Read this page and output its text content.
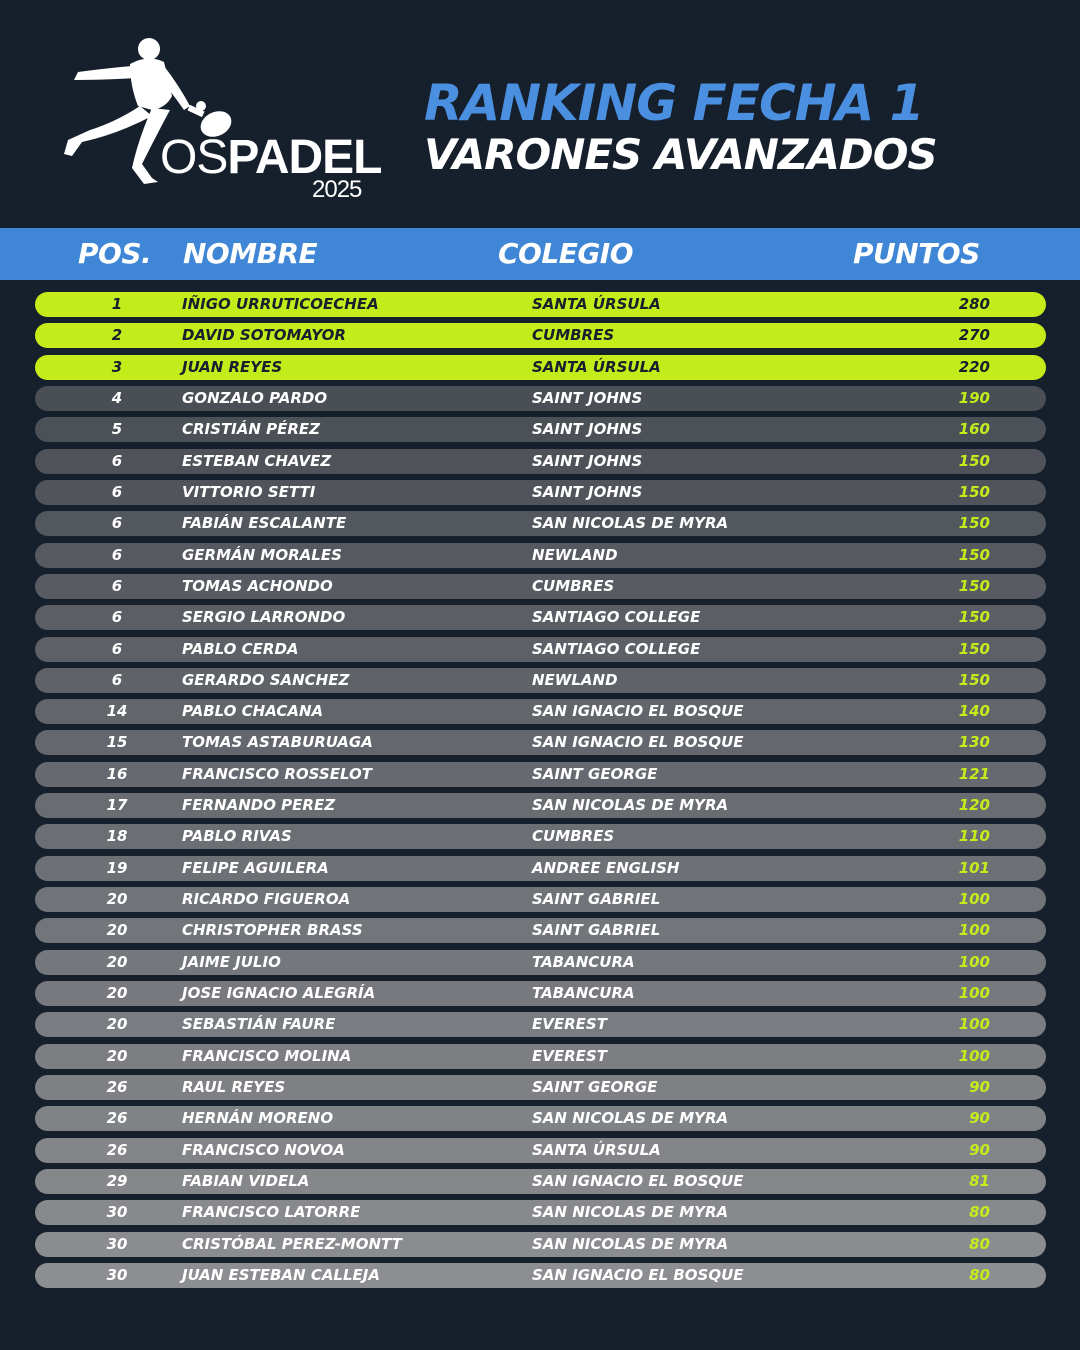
OSPADEL
2025
RANKING FECHA 1
VARONES AVANZADOS
POS. NOMBRE	COLEGIO	PUNTOS
1	IÑIGO URRUTICOECHEA	SANTA ÚRSULA	280
2	DAVID SOTOMAYOR	CUMBRES	270
3	JUAN REYES	SANTA ÚRSULA	220
4	GONZALO PARDO	SAINT JOHNS	190
5	CRISTIÁN PÉREZ	SAINT JOHNS	160
6	ESTEBAN CHAVEZ	SAINT JOHNS	150
6	VITTORIO SETTI	SAINT JOHNS	150
6	FABIÁN ESCALANTE	SAN NICOLAS DE MYRA	150
6	GERMÁN MORALES	NEWLAND	150
6	TOMAS ACHONDO	CUMBRES	150
6	SERGIO LARRONDO	SANTIAGO COLLEGE	150
6	PABLO CERDA	SANTIAGO COLLEGE	150
6	GERARDO SANCHEZ	NEWLAND	150
14	PABLO CHACANA	SAN IGNACIO EL BOSQUE	140
15	TOMAS ASTABURUAGA	SAN IGNACIO EL BOSQUE	130
16	FRANCISCO ROSSELOT	SAINT GEORGE	121
17	FERNANDO PEREZ	SAN NICOLAS DE MYRA	120
18	PABLO RIVAS	CUMBRES	110
19	FELIPE AGUILERA	ANDREE ENGLISH	101
20	RICARDO FIGUEROA	SAINT GABRIEL	100
20	CHRISTOPHER BRASS	SAINT GABRIEL	100
20	JAIME JULIO	TABANCURA	100
20	JOSE IGNACIO ALEGRÍA	TABANCURA	100
20	SEBASTIÁN FAURE	EVEREST	100
20	FRANCISCO MOLINA	EVEREST	100
26	RAUL REYES	SAINT GEORGE	90
26	HERNÁN MORENO	SAN NICOLAS DE MYRA	90
26	FRANCISCO NOVOA	SANTA ÚRSULA	90
29	FABIAN VIDELA	SAN IGNACIO EL BOSQUE	81
30	FRANCISCO LATORRE	SAN NICOLAS DE MYRA	80
30	CRISTÓBAL PEREZ-MONTT	SAN NICOLAS DE MYRA	80
30	JUAN ESTEBAN CALLEJA	SAN IGNACIO EL BOSQUE	80
